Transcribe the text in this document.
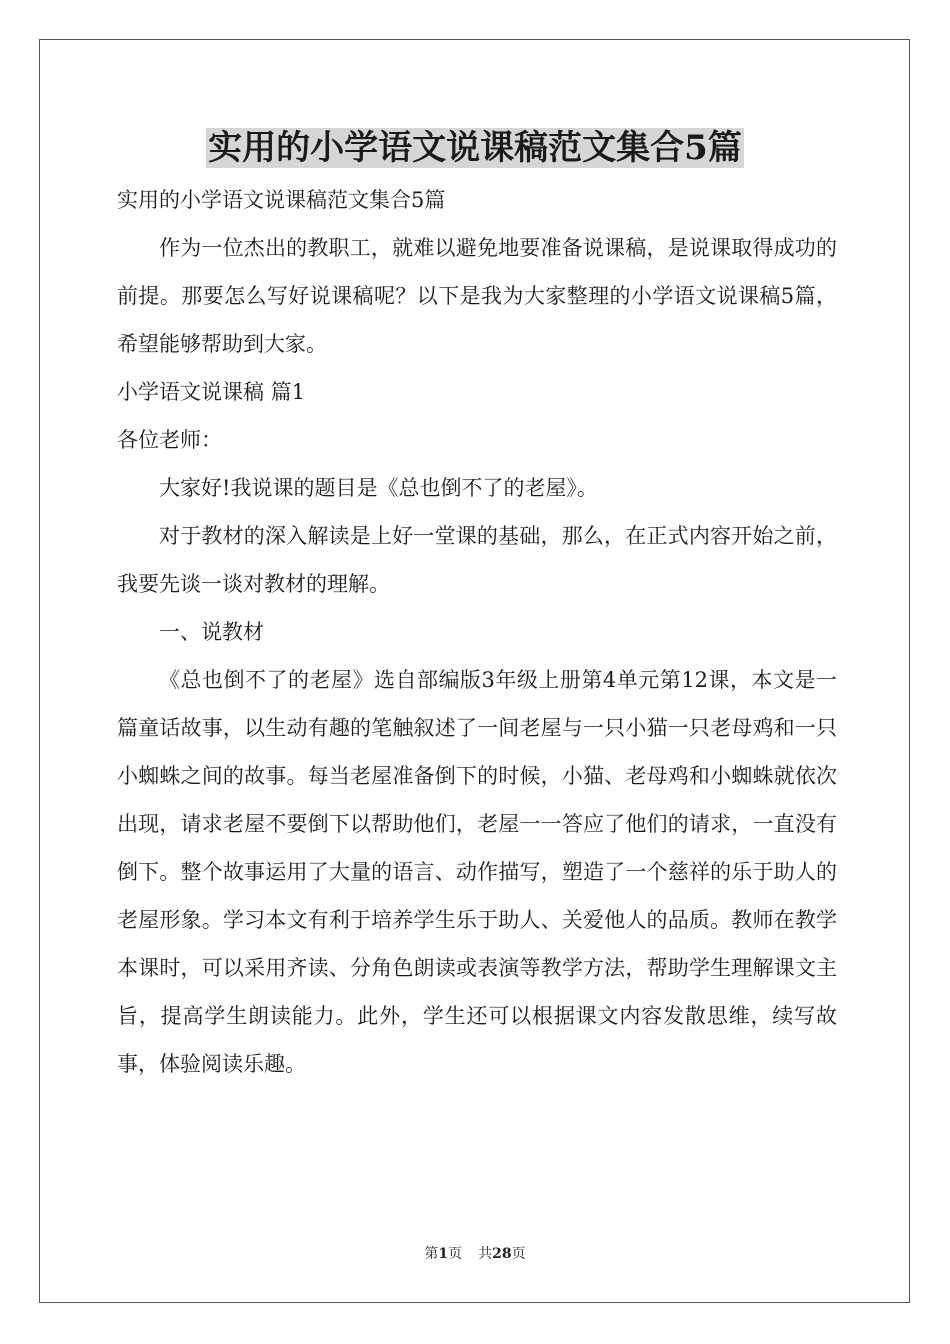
实用的小学语文说课稿范文集合5篇

实用的小学语文说课稿范文集合5篇

作为一位杰出的教职工，就难以避免地要准备说课稿，是说课取得成功的前提。那要怎么写好说课稿呢？以下是我为大家整理的小学语文说课稿5篇，希望能够帮助到大家。

小学语文说课稿 篇1

各位老师：

大家好!我说课的题目是《总也倒不了的老屋》。

对于教材的深入解读是上好一堂课的基础，那么，在正式内容开始之前，我要先谈一谈对教材的理解。

一、说教材

《总也倒不了的老屋》选自部编版3年级上册第4单元第12课，本文是一篇童话故事，以生动有趣的笔触叙述了一间老屋与一只小猫一只老母鸡和一只小蜘蛛之间的故事。每当老屋准备倒下的时候，小猫、老母鸡和小蜘蛛就依次出现，请求老屋不要倒下以帮助他们，老屋一一答应了他们的请求，一直没有倒下。整个故事运用了大量的语言、动作描写，塑造了一个慈祥的乐于助人的老屋形象。学习本文有利于培养学生乐于助人、关爱他人的品质。教师在教学本课时，可以采用齐读、分角色朗读或表演等教学方法，帮助学生理解课文主旨，提高学生朗读能力。此外，学生还可以根据课文内容发散思维，续写故事，体验阅读乐趣。

第1页 共28页
